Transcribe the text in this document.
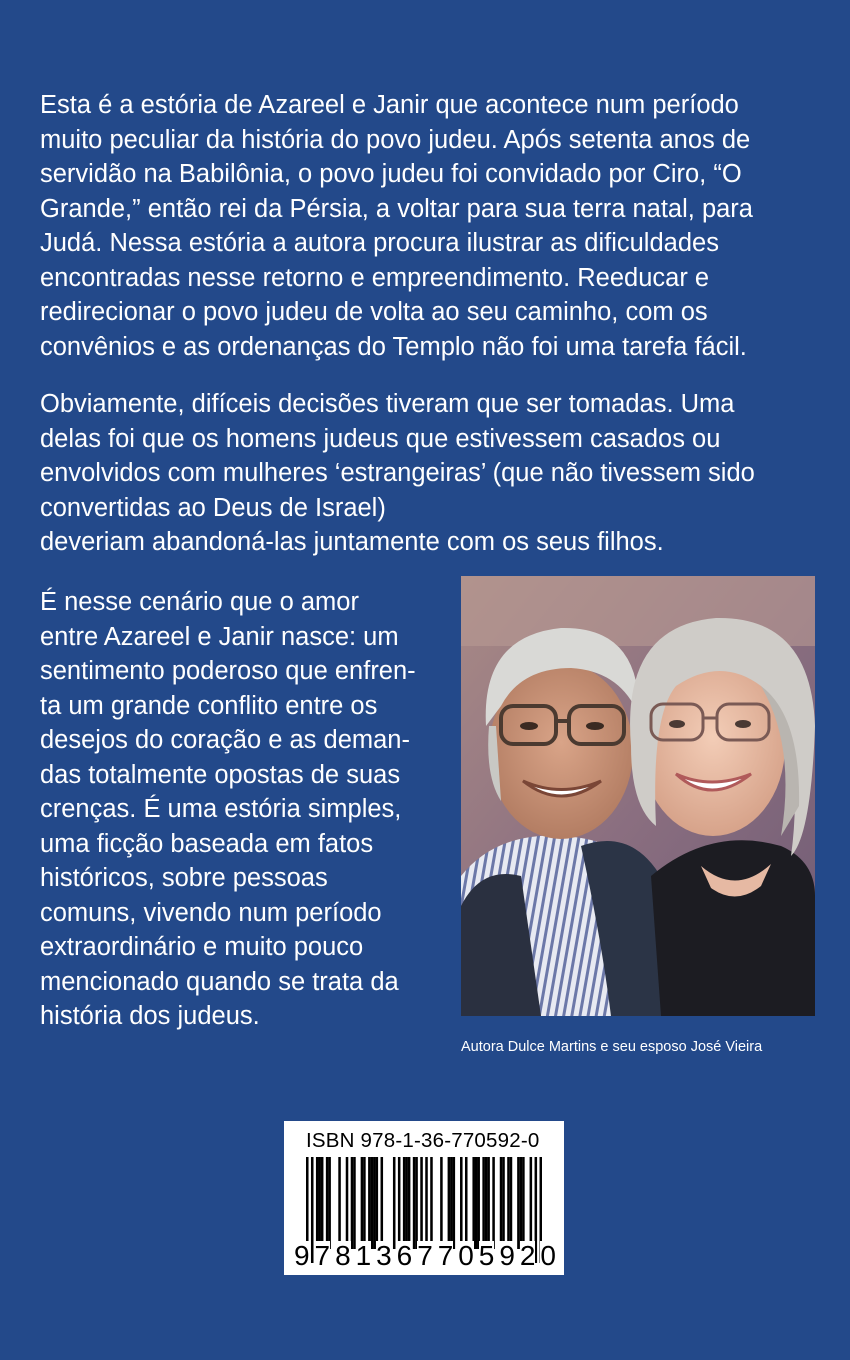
Esta é a estória de Azareel e Janir que acontece num período
muito peculiar da história do povo judeu. Após setenta anos de
servidão na Babilônia, o povo judeu foi convidado por Ciro, “O
Grande,” então rei da Pérsia, a voltar para sua terra natal, para
Judá. Nessa estória a autora procura ilustrar as dificuldades
encontradas nesse retorno e empreendimento. Reeducar e
redirecionar o povo judeu de volta ao seu caminho, com os
convênios e as ordenanças do Templo não foi uma tarefa fácil.

Obviamente, difíceis decisões tiveram que ser tomadas. Uma
delas foi que os homens judeus que estivessem casados ou
envolvidos com mulheres ‘estrangeiras’ (que não tivessem sido
convertidas ao Deus de Israel)
deveriam abandoná-las juntamente com os seus filhos.

É nesse cenário que o amor
entre Azareel e Janir nasce: um
sentimento poderoso que enfren-
ta um grande conflito entre os
desejos do coração e as deman-
das totalmente opostas de suas
crenças. É uma estória simples,
uma ficção baseada em fatos
históricos, sobre pessoas
comuns, vivendo num período
extraordinário e muito pouco
mencionado quando se trata da
história dos judeus.

Autora Dulce Martins e seu esposo José Vieira
ISBN 978-1-36-770592-0
9 7 8 1 3 6 7 7 0 5 9 2 0
